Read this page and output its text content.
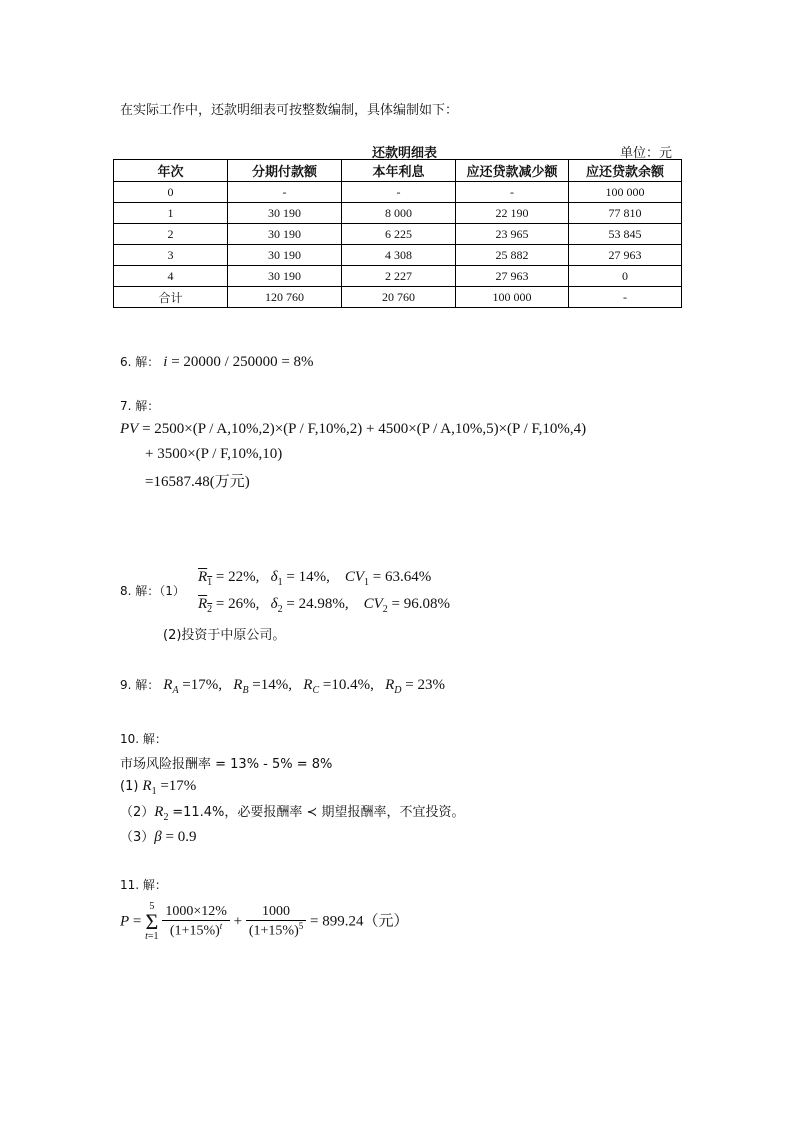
在实际工作中，还款明细表可按整数编制，具体编制如下：
还款明细表	单位：元
年次	分期付款额	本年利息	应还贷款减少额	应还贷款余额
0	-	-	-	100 000
1	30 190	8 000	22 190	77 810
2	30 190	6 225	23 965	53 845
3	30 190	4 308	25 882	27 963
4	30 190	2 227	27 963	0
合计	120 760	20 760	100 000	-
6. 解： i = 20000 / 250000 = 8%
7. 解：
PV = 2500×(P / A,10%,2)×(P / F,10%,2) + 4500×(P / A,10%,5)×(P / F,10%,4)
+ 3500×(P / F,10%,10)
=16587.48(万元)
8. 解：（1）
$R_1 = 22\%$, $\delta_1 = 14\%$, $CV_1 = 63.64\%$
$R_2 = 26\%$, $\delta_2 = 24.98\%$, $CV_2 = 96.08\%$
(2)投资于中原公司。
9. 解： $R_A =17\%$, $R_B =14\%$, $R_C =10.4\%$, $R_D = 23\%$
10. 解：
市场风险报酬率 = 13% - 5% = 8%
(1) $R_1 =17\%$
$(2)R_2 =11.4\%$，必要报酬率 ≺ 期望报酬率，不宜投资。
（3）β = 0.9
11. 解：
P = 5
Σ
$t=1 \frac{1000\times 12\%}{(1+15\%)^t} + \frac{1000}{(1+15\%)^5} = 899.24$（元）
